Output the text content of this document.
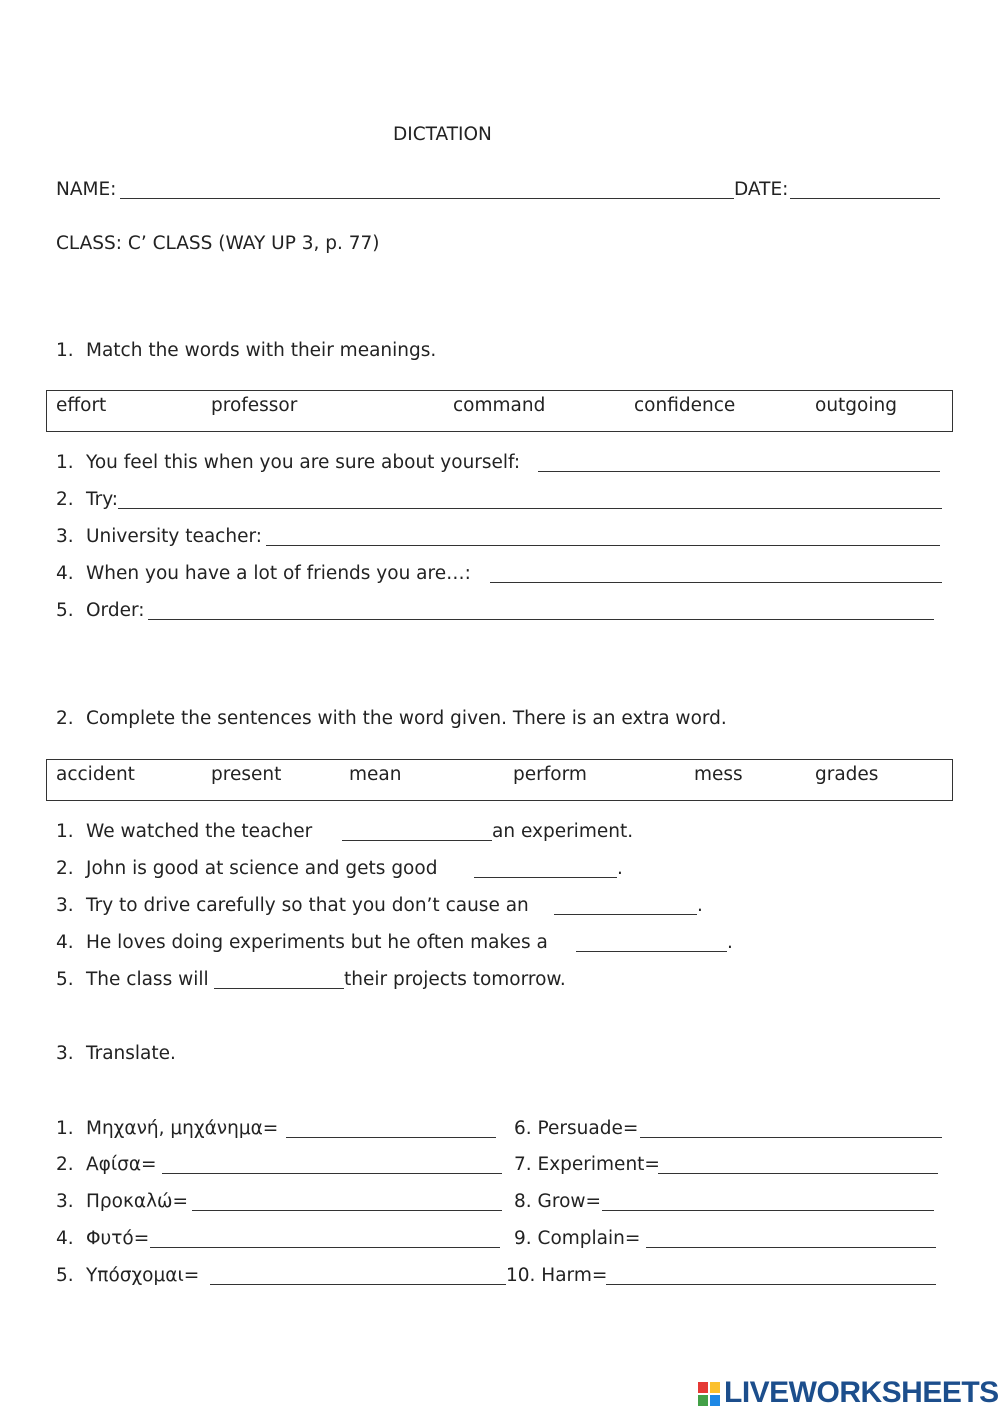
DICTATION
NAME:	DATE:
CLASS: C’ CLASS (WAY UP 3, p. 77)
1. Match the words with their meanings.
effort	professor	command	confidence	outgoing
1. You feel this when you are sure about yourself:
2. Try:
3. University teacher:
4. When you have a lot of friends you are…:
5. Order:
2. Complete the sentences with the word given. There is an extra word.
accident	present	mean	perform	mess	grades
1. We watched the teacher	an experiment.
2. John is good at science and gets good	.
3. Try to drive carefully so that you don’t cause an	.
4. He loves doing experiments but he often makes a	.
5. The class will	their projects tomorrow.
3. Translate.
1. Μηχανή, μηχάνημα=
2. Αφίσα=
3. Προκαλώ=
4. Φυτό=
5. Υπόσχομαι=
6. Persuade=
7. Experiment=
8. Grow=
9. Complain=
10. Harm=
LIVEWORKSHEETS
